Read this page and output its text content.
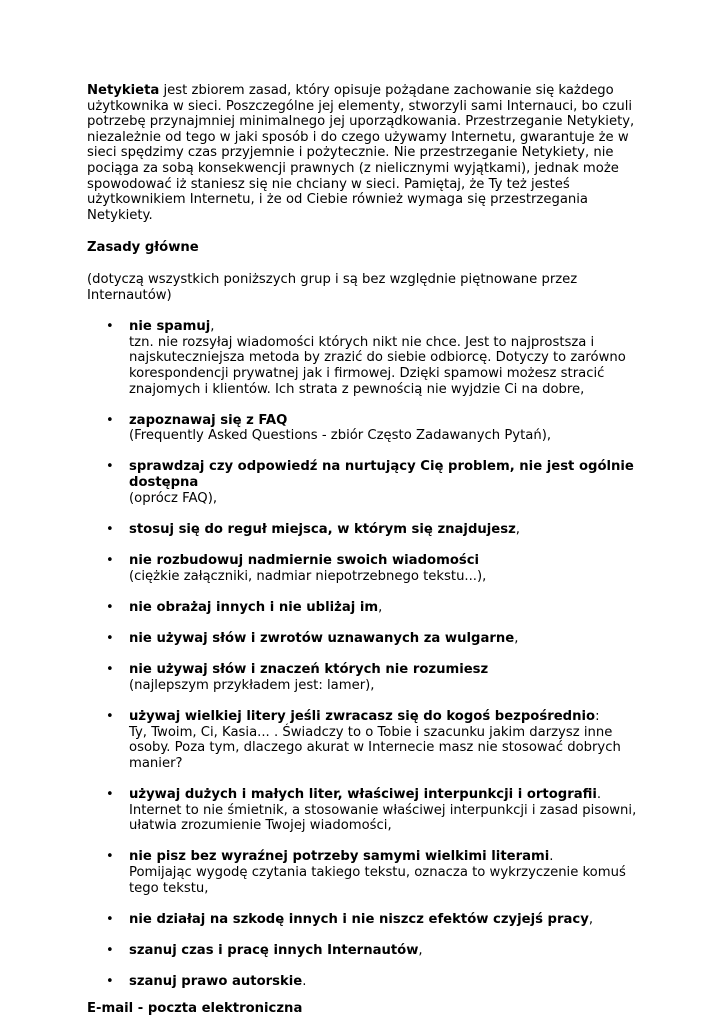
Netykieta jest zbiorem zasad, który opisuje pożądane zachowanie się każdego użytkownika w sieci. Poszczególne jej elementy, stworzyli sami Internauci, bo czuli potrzebę przynajmniej minimalnego jej uporządkowania. Przestrzeganie Netykiety, niezależnie od tego w jaki sposób i do czego używamy Internetu, gwarantuje że w sieci spędzimy czas przyjemnie i pożytecznie. Nie przestrzeganie Netykiety, nie pociąga za sobą konsekwencji prawnych (z nielicznymi wyjątkami), jednak może spowodować iż staniesz się nie chciany w sieci. Pamiętaj, że Ty też jesteś użytkownikiem Internetu, i że od Ciebie również wymaga się przestrzegania Netykiety.

Zasady główne

(dotyczą wszystkich poniższych grup i są bez względnie piętnowane przez Internautów)

• nie spamuj,
tzn. nie rozsyłaj wiadomości których nikt nie chce. Jest to najprostsza i najskuteczniejsza metoda by zrazić do siebie odbiorcę. Dotyczy to zarówno korespondencji prywatnej jak i firmowej. Dzięki spamowi możesz stracić znajomych i klientów. Ich strata z pewnością nie wyjdzie Ci na dobre,
• zapoznawaj się z FAQ
(Frequently Asked Questions - zbiór Często Zadawanych Pytań),
• sprawdzaj czy odpowiedź na nurtujący Cię problem, nie jest ogólnie dostępna
(oprócz FAQ),
• stosuj się do reguł miejsca, w którym się znajdujesz,
• nie rozbudowuj nadmiernie swoich wiadomości
(ciężkie załączniki, nadmiar niepotrzebnego tekstu...),
• nie obrażaj innych i nie ubliżaj im,
• nie używaj słów i zwrotów uznawanych za wulgarne,
• nie używaj słów i znaczeń których nie rozumiesz
(najlepszym przykładem jest: lamer),
• używaj wielkiej litery jeśli zwracasz się do kogoś bezpośrednio:
Ty, Twoim, Ci, Kasia... . Świadczy to o Tobie i szacunku jakim darzysz inne osoby. Poza tym, dlaczego akurat w Internecie masz nie stosować dobrych manier?
• używaj dużych i małych liter, właściwej interpunkcji i ortografii.
Internet to nie śmietnik, a stosowanie właściwej interpunkcji i zasad pisowni, ułatwia zrozumienie Twojej wiadomości,
• nie pisz bez wyraźnej potrzeby samymi wielkimi literami.
Pomijając wygodę czytania takiego tekstu, oznacza to wykrzyczenie komuś tego tekstu,
• nie działaj na szkodę innych i nie niszcz efektów czyjejś pracy,
• szanuj czas i pracę innych Internautów,
• szanuj prawo autorskie.

E-mail - poczta elektroniczna
